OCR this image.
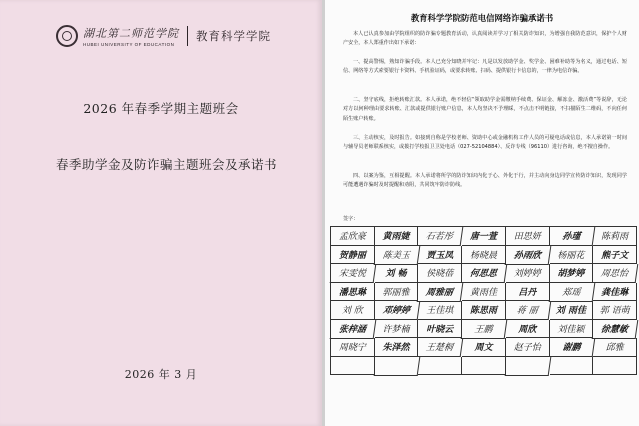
湖北第二师范学院
HUBEI UNIVERSITY OF EDUCATION
教育科学学院
2026 年春季学期主题班会
春季助学金及防诈骗主题班会及承诺书
2026 年 3 月
教育科学学院防范电信网络诈骗承诺书
本人已认真参加由学院组织的防诈骗专题教育活动，认真阅读并学习了相关防诈知识，为增强自我防范意识，保护个人财产安全，本人郑重作出如下承诺：
一、提高警惕，熟知诈骗手段。本人已充分知晓并牢记：凡是以发放助学金、奖学金、困难补助等为名义，通过电话、短信、网络等方式索要银行卡资料、手机验证码，或要求转账、扫码、提供银行卡信息的，一律为电信诈骗。
二、坚守底线，拒绝转账汇款。本人承诺，绝不轻信“领取助学金需缴纳手续费、保证金、解冻金、激活费”等说辞，无论对方以何种理由要求转账、汇款或提供银行账户信息，本人均坚决不予理睬，不点击不明链接，不扫描陌生二维码，不向任何陌生账户转账。
三、主动核实，及时报告。如接到自称是学校老师、资助中心或金融机构工作人员的可疑电话或信息，本人承诺第一时间与辅导员老师联系核实，或拨打学校报卫卫处电话（027-52104884）、反诈专线（96110）进行咨询，绝不擅自操作。
四、以案为鉴，互相提醒。本人承诺将所学的防诈知识内化于心、外化于行，并主动向身边同学宣传防诈知识，发现同学可能遭遇诈骗时及时提醒和劝阻，共同筑牢防诈防线。
签字：
孟欣豪	黄雨婕	石若彤	唐一萱	田思妍	孙瑾	陈莉雨
贺静丽	陈美玉	贾玉凤	杨晓晨	孙雨欣	杨丽花	熊子文
宋雯悦	刘 畅	侯晓蓓	何思思	刘婷婷	胡梦婷	周思怡
潘思琳	郭丽雅	周雅丽	黄雨佳	吕丹	郑瑶	龚佳琳
刘 欣	邓婷婷	王佳琪	陈思雨	蒋 丽	刘 雨佳	郭 语萌
张梓涵	许梦楠	叶晓云	王鹏	周欣	刘佳颖	徐慧敏
周晓宁	朱泽然	王楚桐	周文	赵子怡	谢鹏	邱雅
